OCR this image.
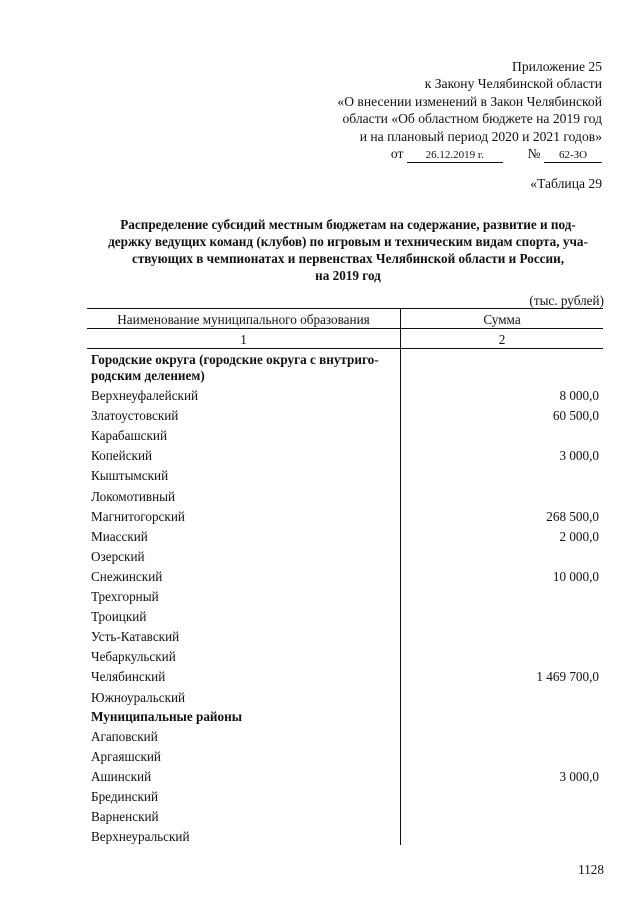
Приложение 25
к Закону Челябинской области
«О внесении изменений в Закон Челябинской
области «Об областном бюджете на 2019 год
и на плановый период 2020 и 2021 годов»
от 26.12.2019 г.	№ 62-ЗО
«Таблица 29
Распределение субсидий местным бюджетам на содержание, развитие и под-
держку ведущих команд (клубов) по игровым и техническим видам спорта, уча-
ствующих в чемпионатах и первенствах Челябинской области и России,
на 2019 год
(тыс. рублей)
Наименование муниципального образования	Сумма
1	2
Городские округа (городские округа с внутриго-
родским делением)	
Верхнеуфалейский	8 000,0
Златоустовский	60 500,0
Карабашский	
Копейский	3 000,0
Кыштымский	
Локомотивный	
Магнитогорский	268 500,0
Миасский	2 000,0
Озерский	
Снежинский	10 000,0
Трехгорный	
Троицкий	
Усть-Катавский	
Чебаркульский	
Челябинский	1 469 700,0
Южноуральский	
Муниципальные районы	
Агаповский	
Аргаяшский	
Ашинский	3 000,0
Брединский	
Варненский	
Верхнеуральский	
1128
